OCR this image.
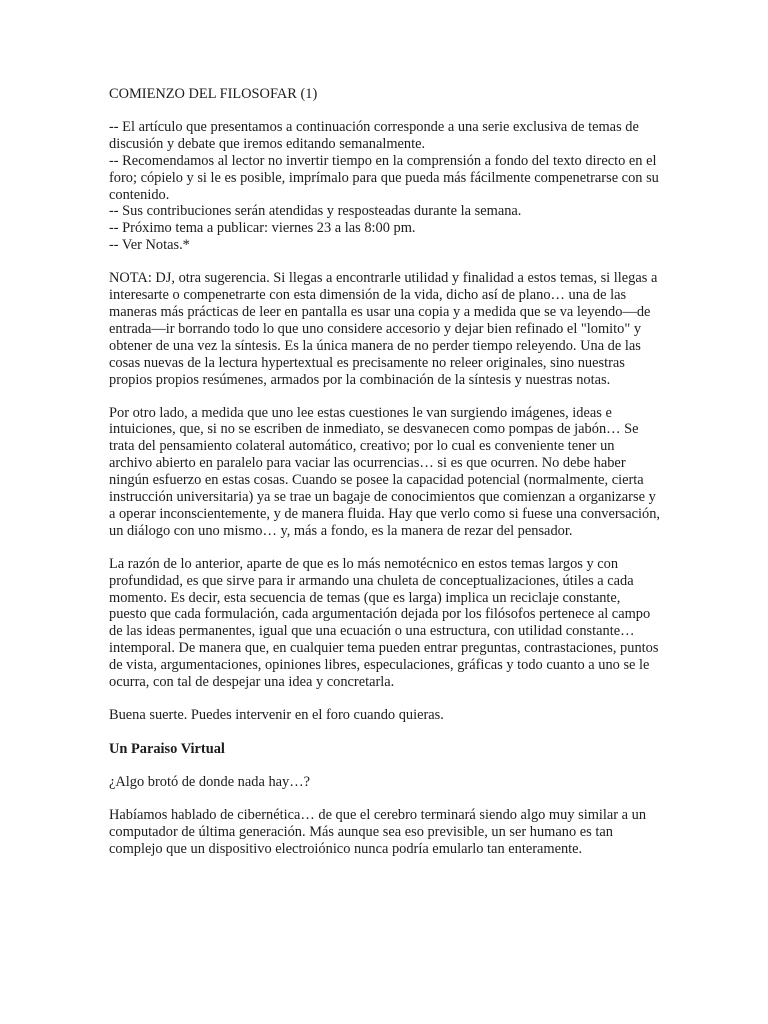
COMIENZO DEL FILOSOFAR (1)

-- El artículo que presentamos a continuación corresponde a una serie exclusiva de temas de discusión y debate que iremos editando semanalmente.
-- Recomendamos al lector no invertir tiempo en la comprensión a fondo del texto directo en el foro; cópielo y si le es posible, imprímalo para que pueda más fácilmente compenetrarse con su contenido.
-- Sus contribuciones serán atendidas y resposteadas durante la semana.
-- Próximo tema a publicar: viernes 23 a las 8:00 pm.
-- Ver Notas.*

NOTA: DJ, otra sugerencia. Si llegas a encontrarle utilidad y finalidad a estos temas, si llegas a interesarte o compenetrarte con esta dimensión de la vida, dicho así de plano… una de las maneras más prácticas de leer en pantalla es usar una copia y a medida que se va leyendo—de entrada—ir borrando todo lo que uno considere accesorio y dejar bien refinado el "lomito" y obtener de una vez la síntesis. Es la única manera de no perder tiempo releyendo. Una de las cosas nuevas de la lectura hypertextual es precisamente no releer originales, sino nuestras propios propios resúmenes, armados por la combinación de la síntesis y nuestras notas.

Por otro lado, a medida que uno lee estas cuestiones le van surgiendo imágenes, ideas e intuiciones, que, si no se escriben de inmediato, se desvanecen como pompas de jabón… Se trata del pensamiento colateral automático, creativo; por lo cual es conveniente tener un archivo abierto en paralelo para vaciar las ocurrencias… si es que ocurren. No debe haber ningún esfuerzo en estas cosas. Cuando se posee la capacidad potencial (normalmente, cierta instrucción universitaria) ya se trae un bagaje de conocimientos que comienzan a organizarse y a operar inconscientemente, y de manera fluida. Hay que verlo como si fuese una conversación, un diálogo con uno mismo… y, más a fondo, es la manera de rezar del pensador.

La razón de lo anterior, aparte de que es lo más nemotécnico en estos temas largos y con profundidad, es que sirve para ir armando una chuleta de conceptualizaciones, útiles a cada momento. Es decir, esta secuencia de temas (que es larga) implica un reciclaje constante, puesto que cada formulación, cada argumentación dejada por los filósofos pertenece al campo de las ideas permanentes, igual que una ecuación o una estructura, con utilidad constante… intemporal. De manera que, en cualquier tema pueden entrar preguntas, contrastaciones, puntos de vista, argumentaciones, opiniones libres, especulaciones, gráficas y todo cuanto a uno se le ocurra, con tal de despejar una idea y concretarla.

Buena suerte. Puedes intervenir en el foro cuando quieras.

Un Paraiso Virtual

¿Algo brotó de donde nada hay…?

Habíamos hablado de cibernética… de que el cerebro terminará siendo algo muy similar a un computador de última generación. Más aunque sea eso previsible, un ser humano es tan complejo que un dispositivo electroiónico nunca podría emularlo tan enteramente.
